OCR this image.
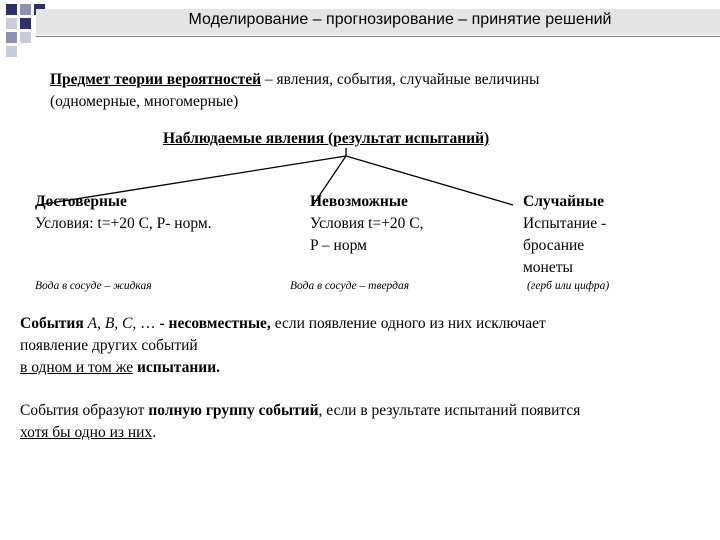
Моделирование – прогнозирование – принятие решений
Предмет теории вероятностей – явления, события, случайные величины
(одномерные, многомерные)
Наблюдаемые явления (результат испытаний)
Достоверные
Условия: t=+20 C, P- норм.
Вода в сосуде – жидкая
Невозможные
Условия t=+20 C,
P – норм
Вода в сосуде – твердая
Случайные
Испытание -
бросание
монеты
(герб или цифра)
События A, B, C, … - несовместные, если появление одного из них исключает
появление других событий
в одном и том же испытании.
События образуют полную группу событий, если в результате испытаний появится
хотя бы одно из них.
